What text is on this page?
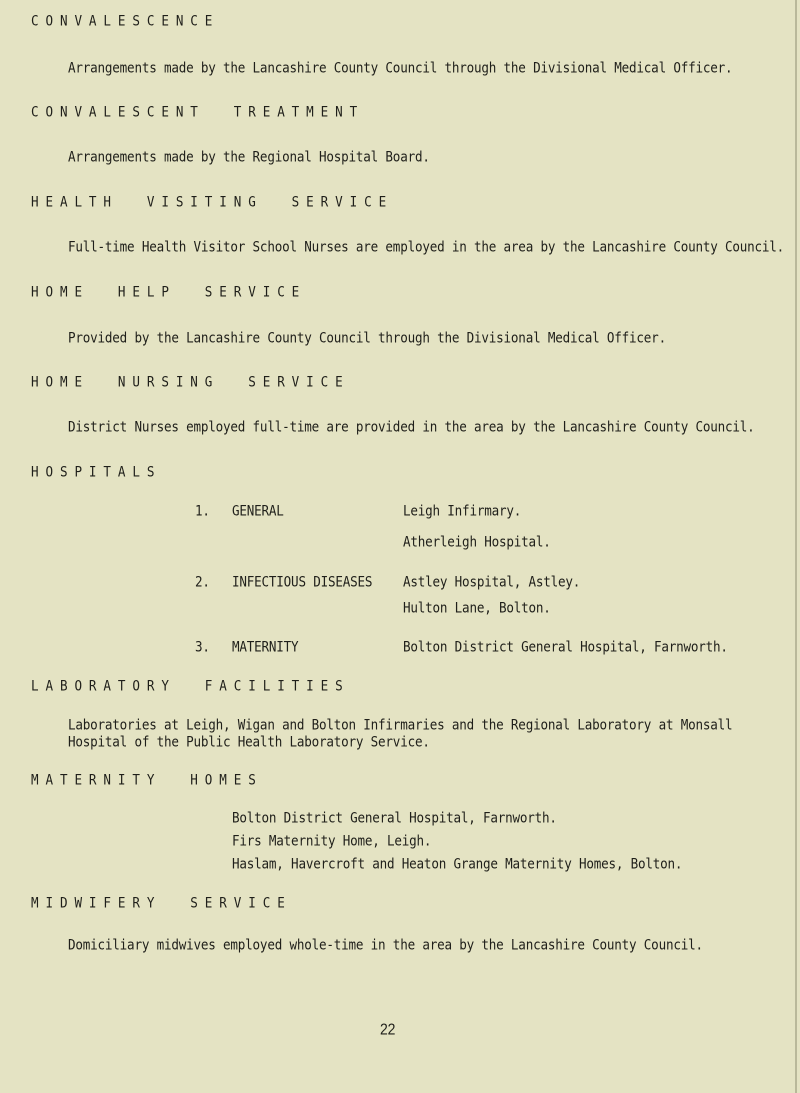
CONVALESCENCE
Arrangements made by the Lancashire County Council through the Divisional Medical Officer.
CONVALESCENT  TREATMENT
Arrangements made by the Regional Hospital Board.
HEALTH  VISITING  SERVICE
Full-time Health Visitor School Nurses are employed in the area by the Lancashire County Council.
HOME  HELP  SERVICE
Provided by the Lancashire County Council through the Divisional Medical Officer.
HOME  NURSING  SERVICE
District Nurses employed full-time are provided in the area by the Lancashire County Council.
HOSPITALS
1. GENERAL	Leigh Infirmary.
Atherleigh Hospital.
2. INFECTIOUS DISEASES Astley Hospital, Astley.
Hulton Lane, Bolton.
3. MATERNITY	Bolton District General Hospital, Farnworth.
LABORATORY  FACILITIES
Laboratories at Leigh, Wigan and Bolton Infirmaries and the Regional Laboratory at Monsall
Hospital of the Public Health Laboratory Service.
MATERNITY  HOMES
Bolton District General Hospital, Farnworth.
Firs Maternity Home, Leigh.
Haslam, Havercroft and Heaton Grange Maternity Homes, Bolton.
MIDWIFERY  SERVICE
Domiciliary midwives employed whole-time in the area by the Lancashire County Council.
22
